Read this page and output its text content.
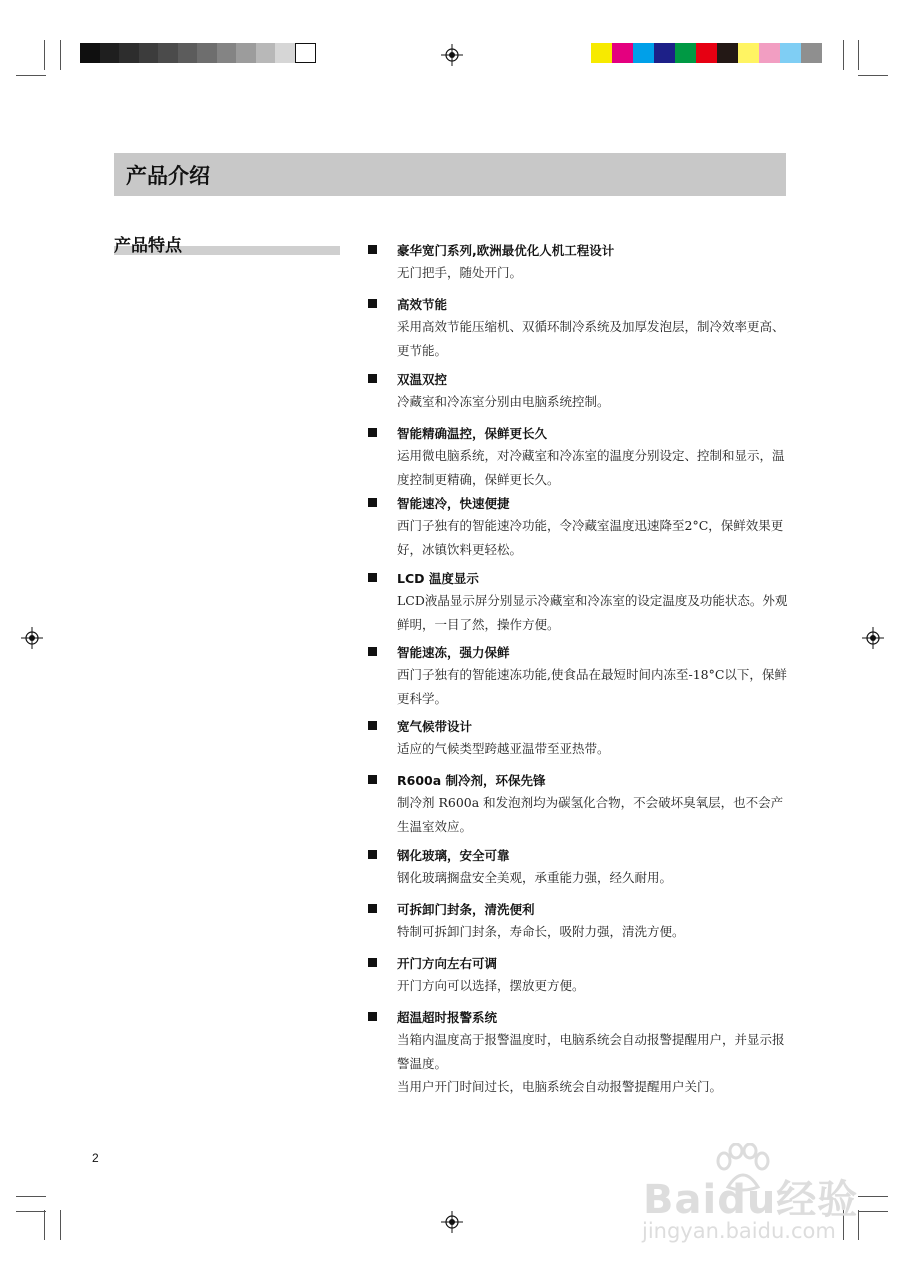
产品介绍
产品特点	豪华宽门系列,欧洲最优化人机工程设计

无门把手，随处开门。

高效节能

采用高效节能压缩机、双循环制冷系统及加厚发泡层，制冷效率更高、更节能。

双温双控

冷藏室和冷冻室分别由电脑系统控制。

智能精确温控，保鲜更长久

运用微电脑系统，对冷藏室和冷冻室的温度分别设定、控制和显示，温度控制更精确，保鲜更长久。

智能速冷，快速便捷

西门子独有的智能速冷功能，令冷藏室温度迅速降至2°C，保鲜效果更好，冰镇饮料更轻松。

LCD 温度显示

LCD液晶显示屏分别显示冷藏室和冷冻室的设定温度及功能状态。外观鲜明，一目了然，操作方便。

智能速冻，强力保鲜

西门子独有的智能速冻功能,使食品在最短时间内冻至-18°C以下，保鲜更科学。

宽气候带设计

适应的气候类型跨越亚温带至亚热带。

R600a 制冷剂，环保先锋

制冷剂 R600a 和发泡剂均为碳氢化合物，不会破坏臭氧层，也不会产生温室效应。

钢化玻璃，安全可靠

钢化玻璃搁盘安全美观，承重能力强，经久耐用。

可拆卸门封条，清洗便利

特制可拆卸门封条，寿命长，吸附力强，清洗方便。

开门方向左右可调

开门方向可以选择，摆放更方便。

超温超时报警系统

当箱内温度高于报警温度时，电脑系统会自动报警提醒用户，并显示报警温度。

当用户开门时间过长，电脑系统会自动报警提醒用户关门。

2
Baidu经验
jingyan.baidu.com
